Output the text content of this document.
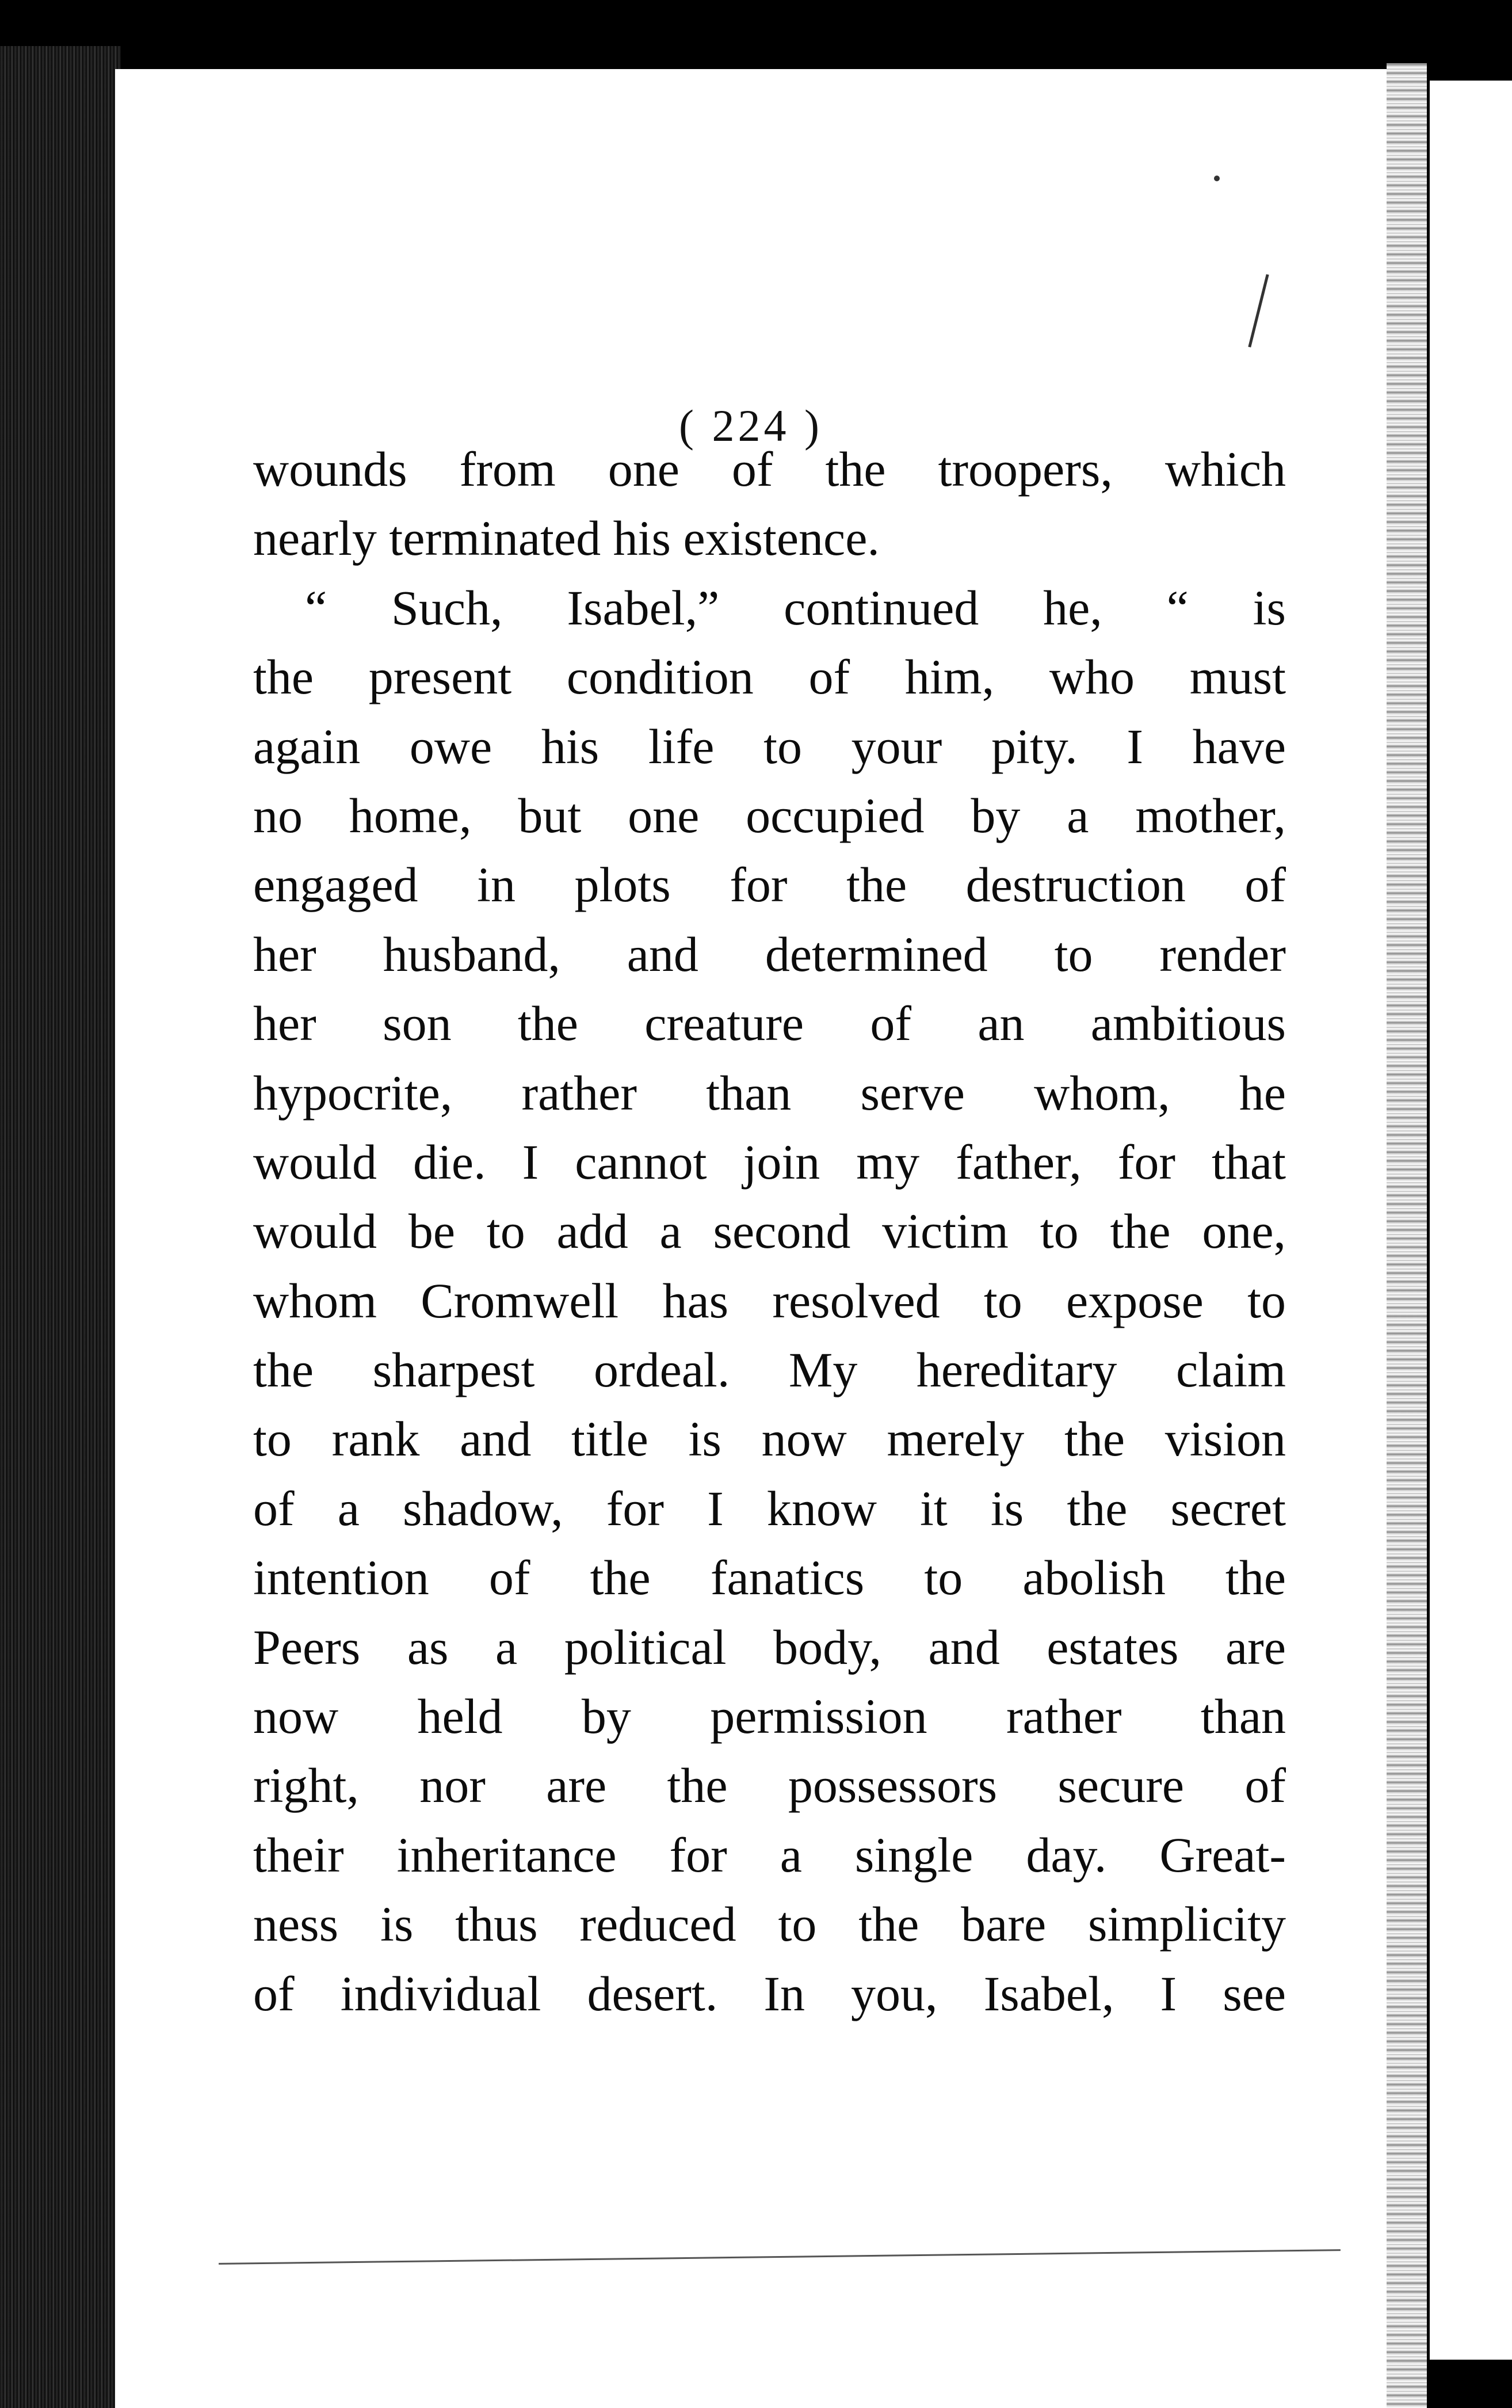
( 224 )
wounds from one of the troopers, which
nearly terminated his existence.
“ Such, Isabel,” continued he, “ is
the present condition of him, who must
again owe his life to your pity. I have
no home, but one occupied by a mother,
engaged in plots for the destruction of
her husband, and determined to render
her son the creature of an ambitious
hypocrite, rather than serve whom, he
would die. I cannot join my father, for that
would be to add a second victim to the one,
whom Cromwell has resolved to expose to
the sharpest ordeal. My hereditary claim
to rank and title is now merely the vision
of a shadow, for I know it is the secret
intention of the fanatics to abolish the
Peers as a political body, and estates are
now held by permission rather than
right, nor are the possessors secure of
their inheritance for a single day. Great-
ness is thus reduced to the bare simplicity
of individual desert. In you, Isabel, I see
